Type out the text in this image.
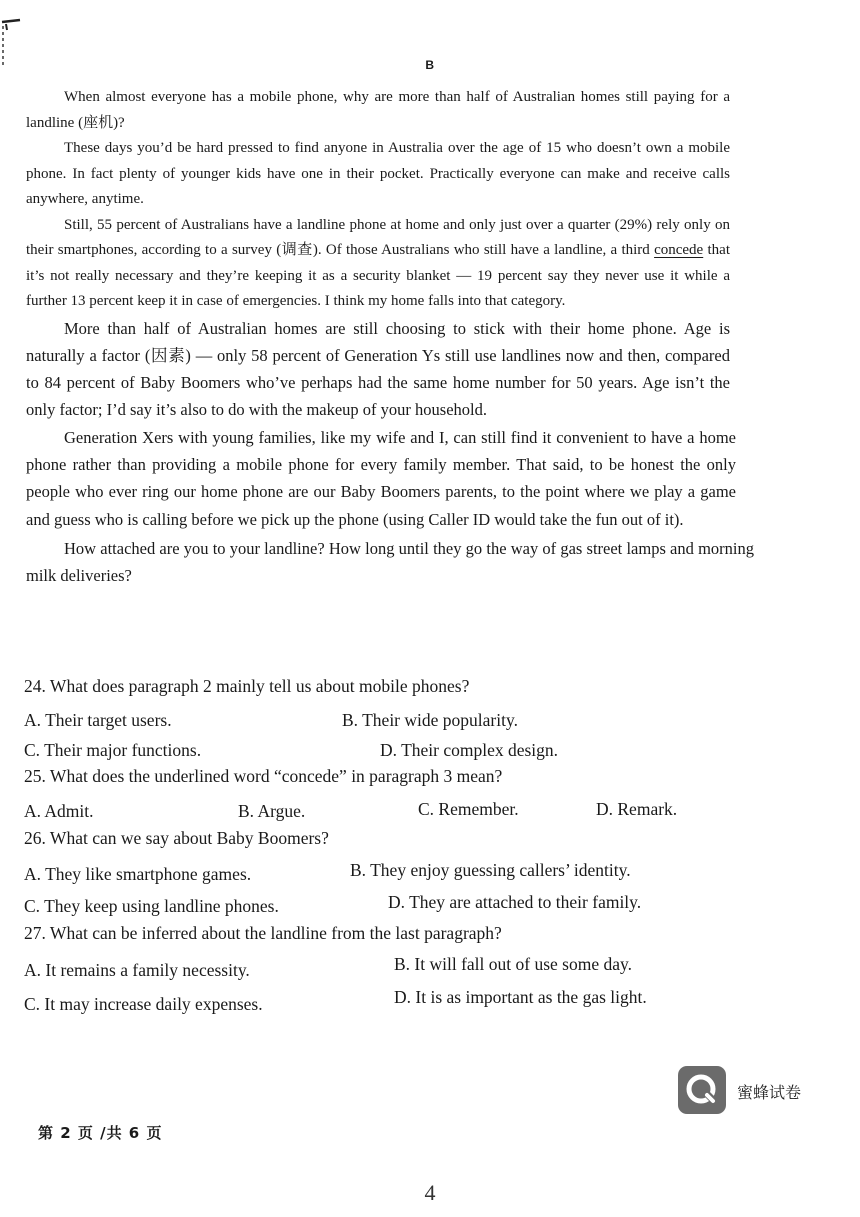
B

When almost everyone has a mobile phone, why are more than half of Australian homes still paying for a landline (座机)?

These days you’d be hard pressed to find anyone in Australia over the age of 15 who doesn’t own a mobile phone. In fact plenty of younger kids have one in their pocket. Practically everyone can make and receive calls anywhere, anytime.

Still, 55 percent of Australians have a landline phone at home and only just over a quarter (29%) rely only on their smartphones, according to a survey (调查). Of those Australians who still have a landline, a third concede that it’s not really necessary and they’re keeping it as a security blanket — 19 percent say they never use it while a further 13 percent keep it in case of emergencies. I think my home falls into that category.

More than half of Australian homes are still choosing to stick with their home phone. Age is naturally a factor (因素) — only 58 percent of Generation Ys still use landlines now and then, compared to 84 percent of Baby Boomers who’ve perhaps had the same home number for 50 years. Age isn’t the only factor; I’d say it’s also to do with the makeup of your household.

Generation Xers with young families, like my wife and I, can still find it convenient to have a home phone rather than providing a mobile phone for every family member. That said, to be honest the only people who ever ring our home phone are our Baby Boomers parents, to the point where we play a game and guess who is calling before we pick up the phone (using Caller ID would take the fun out of it).

How attached are you to your landline? How long until they go the way of gas street lamps and morning milk deliveries?

24. What does paragraph 2 mainly tell us about mobile phones?
A. Their target users.	B. Their wide popularity.
C. Their major functions.	D. Their complex design.
25. What does the underlined word “concede” in paragraph 3 mean?
A. Admit.	B. Argue.	C. Remember.	D. Remark.
26. What can we say about Baby Boomers?
A. They like smartphone games.	B. They enjoy guessing callers’ identity.
C. They keep using landline phones.	D. They are attached to their family.
27. What can be inferred about the landline from the last paragraph?
A. It remains a family necessity.	B. It will fall out of use some day.
C. It may increase daily expenses.	D. It is as important as the gas light.
第 2 页 /共 6 页
蜜蜂试卷
4
